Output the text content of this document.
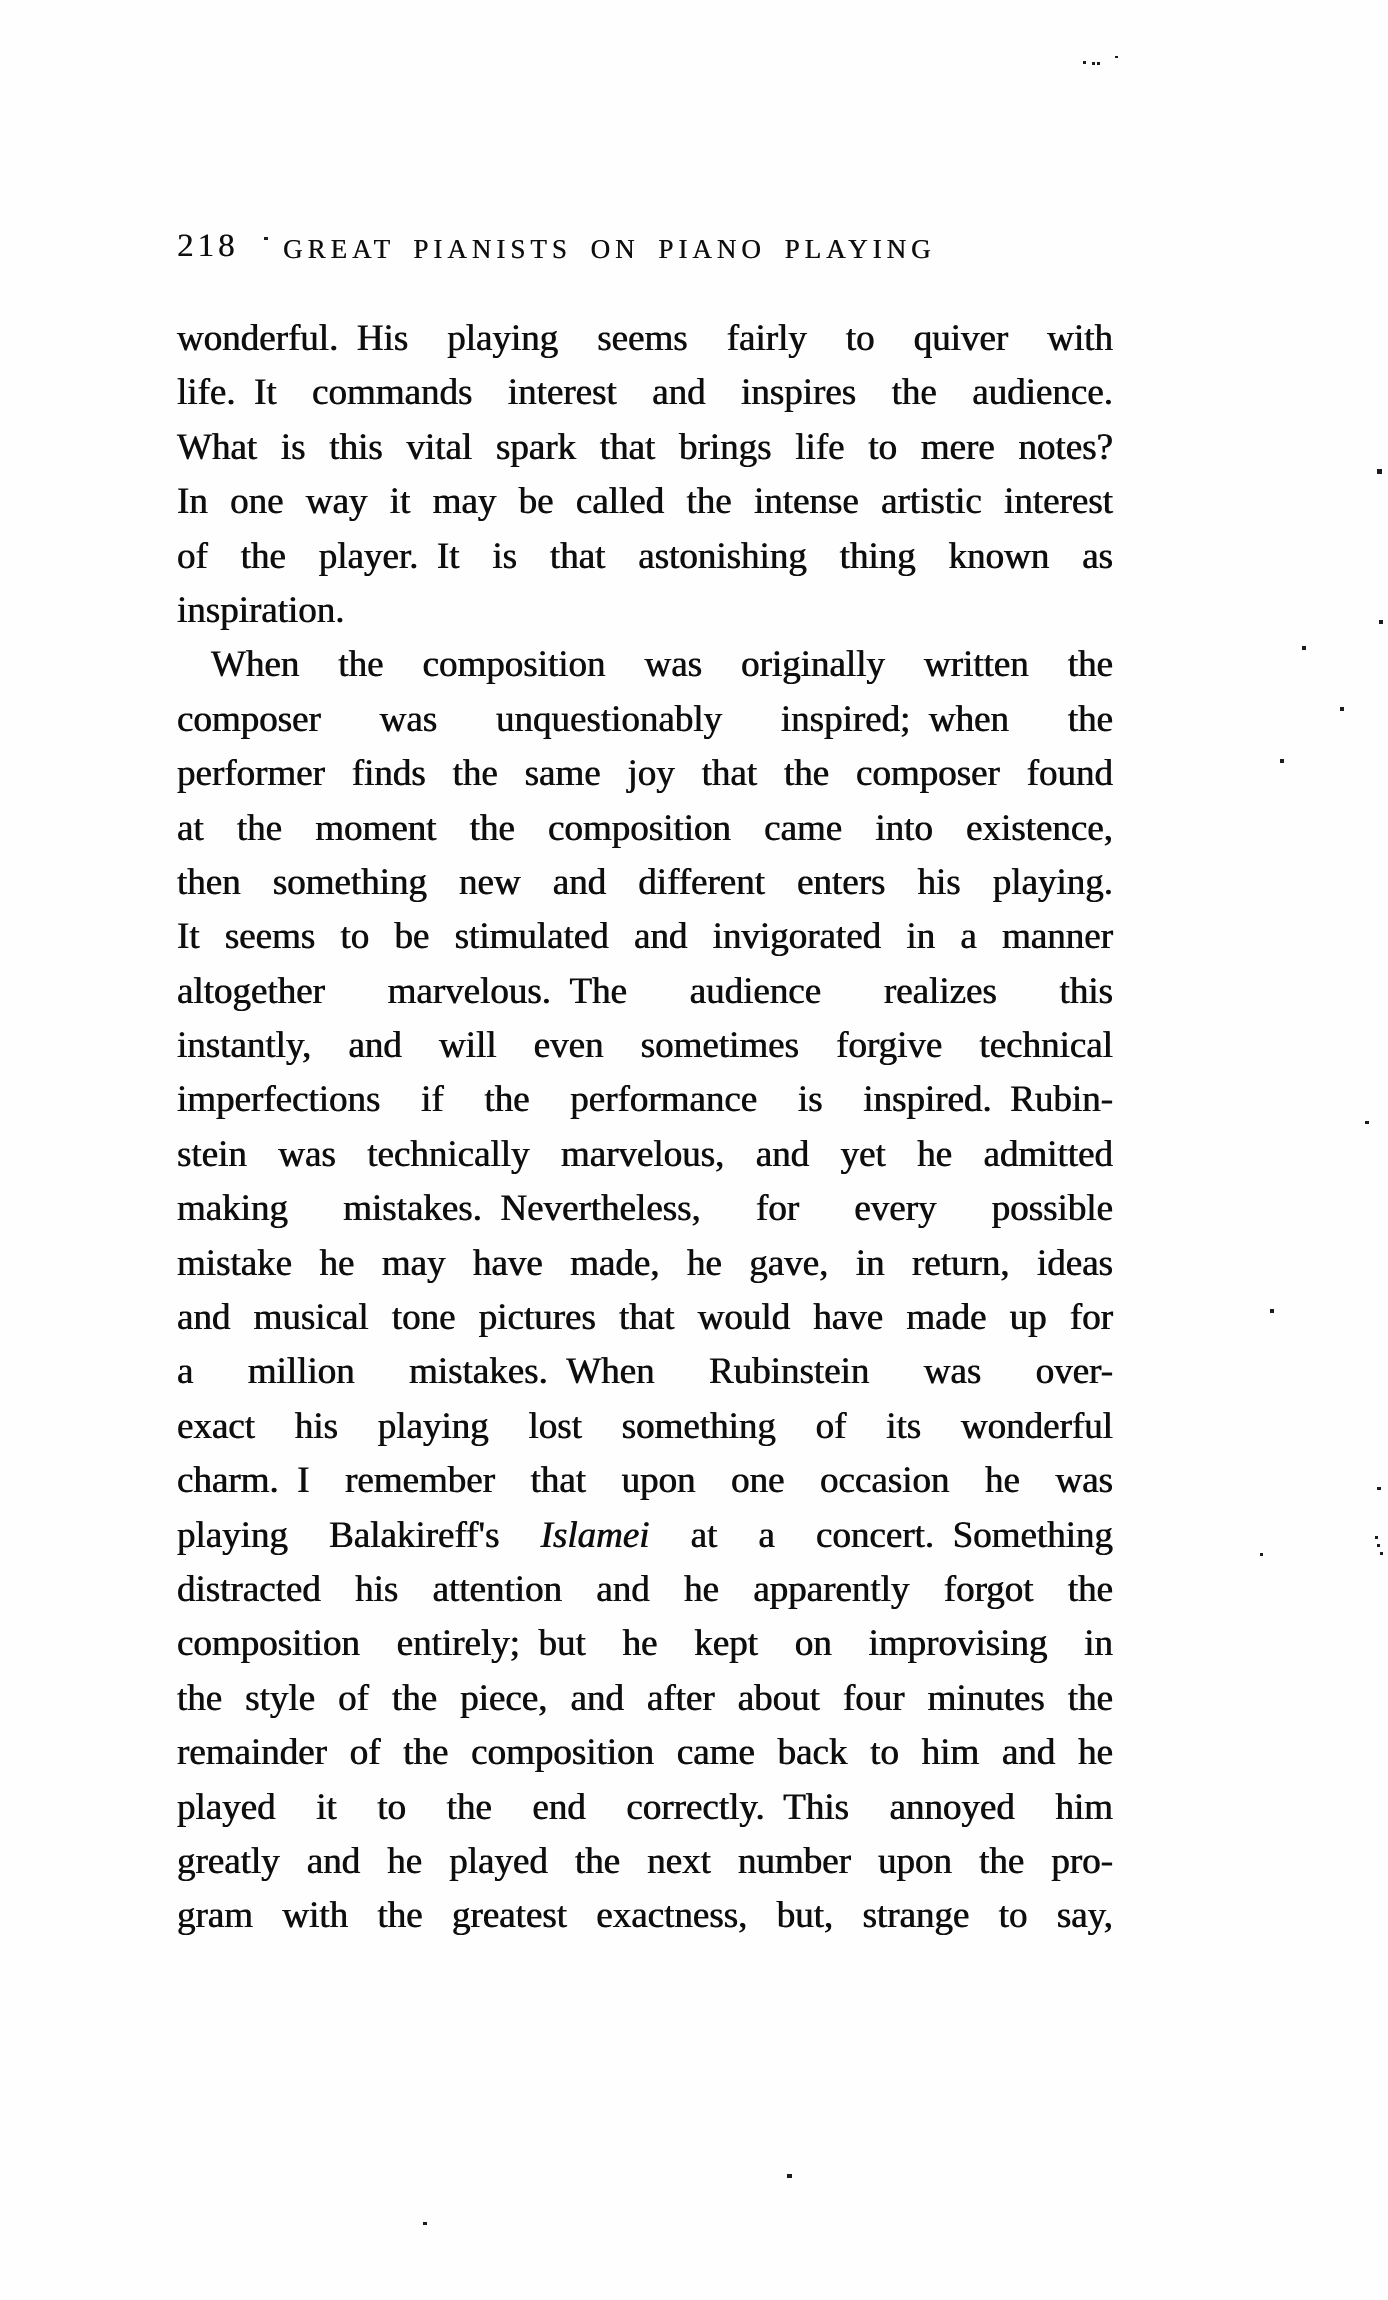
218 GREAT PIANISTS ON PIANO PLAYING
wonderful. His playing seems fairly to quiver with
life. It commands interest and inspires the audience.
What is this vital spark that brings life to mere notes?
In one way it may be called the intense artistic interest
of the player. It is that astonishing thing known as
inspiration.
When the composition was originally written the
composer was unquestionably inspired; when the
performer finds the same joy that the composer found
at the moment the composition came into existence,
then something new and different enters his playing.
It seems to be stimulated and invigorated in a manner
altogether marvelous. The audience realizes this
instantly, and will even sometimes forgive technical
imperfections if the performance is inspired. Rubin-
stein was technically marvelous, and yet he admitted
making mistakes. Nevertheless, for every possible
mistake he may have made, he gave, in return, ideas
and musical tone pictures that would have made up for
a million mistakes. When Rubinstein was over-
exact his playing lost something of its wonderful
charm. I remember that upon one occasion he was
playing Balakireff's Islamei at a concert. Something
distracted his attention and he apparently forgot the
composition entirely; but he kept on improvising in
the style of the piece, and after about four minutes the
remainder of the composition came back to him and he
played it to the end correctly. This annoyed him
greatly and he played the next number upon the pro-
gram with the greatest exactness, but, strange to say,
